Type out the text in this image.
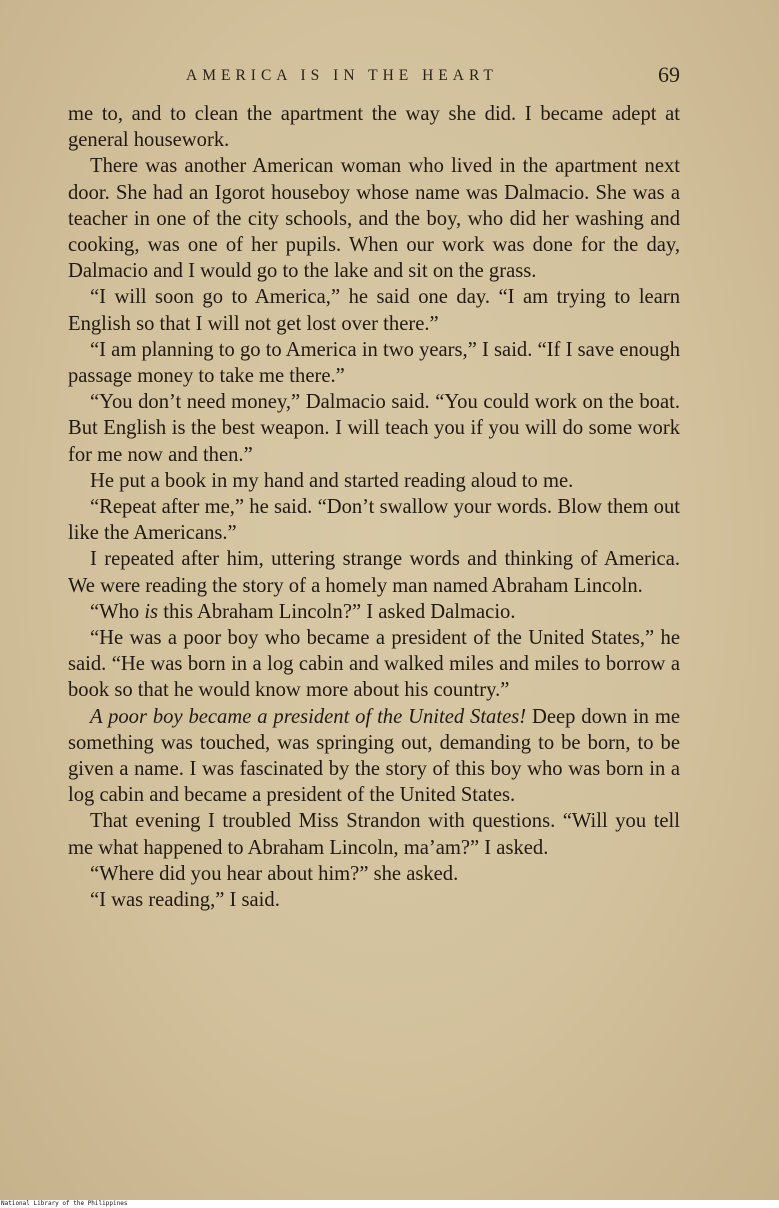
AMERICA IS IN THE HEART	69

me to, and to clean the apartment the way she did. I became adept at general housework.

There was another American woman who lived in the apartment next door. She had an Igorot houseboy whose name was Dalmacio. She was a teacher in one of the city schools, and the boy, who did her washing and cooking, was one of her pupils. When our work was done for the day, Dalmacio and I would go to the lake and sit on the grass.

“I will soon go to America,” he said one day. “I am trying to learn English so that I will not get lost over there.”

“I am planning to go to America in two years,” I said. “If I save enough passage money to take me there.”

“You don’t need money,” Dalmacio said. “You could work on the boat. But English is the best weapon. I will teach you if you will do some work for me now and then.”

He put a book in my hand and started reading aloud to me.

“Repeat after me,” he said. “Don’t swallow your words. Blow them out like the Americans.”

I repeated after him, uttering strange words and thinking of America. We were reading the story of a homely man named Abraham Lincoln.

“Who is this Abraham Lincoln?” I asked Dalmacio.

“He was a poor boy who became a president of the United States,” he said. “He was born in a log cabin and walked miles and miles to borrow a book so that he would know more about his country.”

A poor boy became a president of the United States! Deep down in me something was touched, was springing out, demanding to be born, to be given a name. I was fascinated by the story of this boy who was born in a log cabin and became a president of the United States.

That evening I troubled Miss Strandon with questions. “Will you tell me what happened to Abraham Lincoln, ma’am?” I asked.

“Where did you hear about him?” she asked.

“I was reading,” I said.

National Library of the Philippines
